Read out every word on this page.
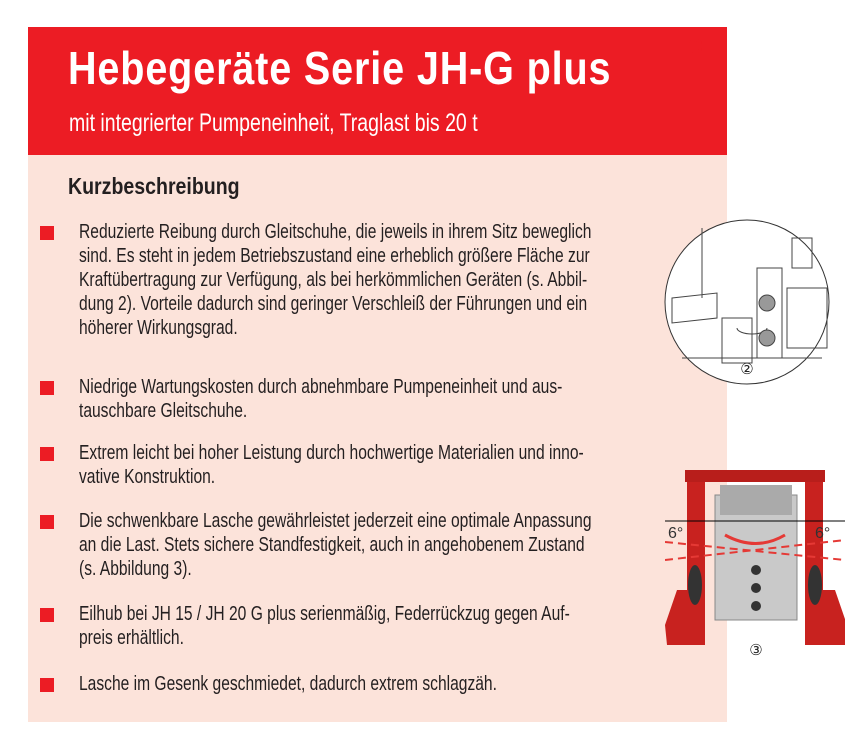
Hebegeräte Serie JH-G plus
mit integrierter Pumpeneinheit, Traglast bis 20 t
CE
Kurzbeschreibung
Reduzierte Reibung durch Gleitschuhe, die jeweils in ihrem Sitz beweglich
sind. Es steht in jedem Betriebszustand eine erheblich größere Fläche zur
Kraftübertragung zur Verfügung, als bei herkömmlichen Geräten (s. Abbil-
dung 2). Vorteile dadurch sind geringer Verschleiß der Führungen und ein
höherer Wirkungsgrad.
Niedrige Wartungskosten durch abnehmbare Pumpeneinheit und aus-
tauschbare Gleitschuhe.
Extrem leicht bei hoher Leistung durch hochwertige Materialien und inno-
vative Konstruktion.
Die schwenkbare Lasche gewährleistet jederzeit eine optimale Anpassung
an die Last. Stets sichere Standfestigkeit, auch in angehobenem Zustand
(s. Abbildung 3).
Eilhub bei JH 15 / JH 20 G plus serienmäßig, Federrückzug gegen Auf-
preis erhältlich.
Lasche im Gesenk geschmiedet, dadurch extrem schlagzäh.
②
6°	6°
③
